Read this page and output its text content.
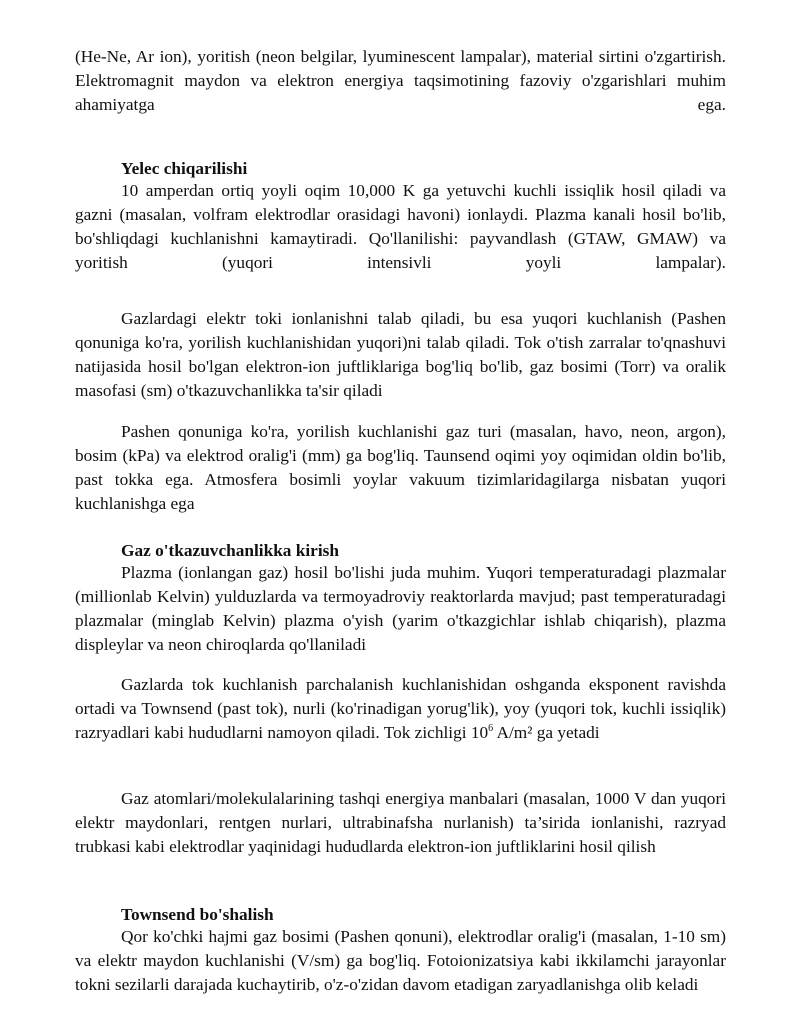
(He-Ne, Ar ion), yoritish (neon belgilar, lyuminescent lampalar), material sirtini o'zgartirish. Elektromagnit maydon va elektron energiya taqsimotining fazoviy o'zgarishlari muhim ahamiyatga ega.

Yelec chiqarilishi

10 amperdan ortiq yoyli oqim 10,000 K ga yetuvchi kuchli issiqlik hosil qiladi va gazni (masalan, volfram elektrodlar orasidagi havoni) ionlaydi. Plazma kanali hosil bo'lib, bo'shliqdagi kuchlanishni kamaytiradi. Qo'llanilishi: payvandlash (GTAW, GMAW) va yoritish (yuqori intensivli yoyli lampalar).

Gazlardagi elektr toki ionlanishni talab qiladi, bu esa yuqori kuchlanish (Pashen qonuniga ko'ra, yorilish kuchlanishidan yuqori)ni talab qiladi. Tok o'tish zarralar to'qnashuvi natijasida hosil bo'lgan elektron-ion juftliklariga bog'liq bo'lib, gaz bosimi (Torr) va oralik masofasi (sm) o'tkazuvchanlikka ta'sir qiladi

Pashen qonuniga ko'ra, yorilish kuchlanishi gaz turi (masalan, havo, neon, argon), bosim (kPa) va elektrod oralig'i (mm) ga bog'liq. Taunsend oqimi yoy oqimidan oldin bo'lib, past tokka ega. Atmosfera bosimli yoylar vakuum tizimlaridagilarga nisbatan yuqori kuchlanishga ega

Gaz o'tkazuvchanlikka kirish

Plazma (ionlangan gaz) hosil bo'lishi juda muhim. Yuqori temperaturadagi plazmalar (millionlab Kelvin) yulduzlarda va termoyadroviy reaktorlarda mavjud; past temperaturadagi plazmalar (minglab Kelvin) plazma o'yish (yarim o'tkazgichlar ishlab chiqarish), plazma displeylar va neon chiroqlarda qo'llaniladi

Gazlarda tok kuchlanish parchalanish kuchlanishidan oshganda eksponent ravishda ortadi va Townsend (past tok), nurli (ko'rinadigan yorug'lik), yoy (yuqori tok, kuchli issiqlik) razryadlari kabi hududlarni namoyon qiladi. Tok zichligi $10^6$ A/m² ga yetadi

Gaz atomlari/molekulalarining tashqi energiya manbalari (masalan, 1000 V dan yuqori elektr maydonlari, rentgen nurlari, ultrabinafsha nurlanish) ta’sirida ionlanishi, razryad trubkasi kabi elektrodlar yaqinidagi hududlarda elektron-ion juftliklarini hosil qilish

Townsend bo'shalish

Qor ko'chki hajmi gaz bosimi (Pashen qonuni), elektrodlar oralig'i (masalan, 1-10 sm) va elektr maydon kuchlanishi (V/sm) ga bog'liq. Fotoionizatsiya kabi ikkilamchi jarayonlar tokni sezilarli darajada kuchaytirib, o'z-o'zidan davom etadigan zaryadlanishga olib keladi
